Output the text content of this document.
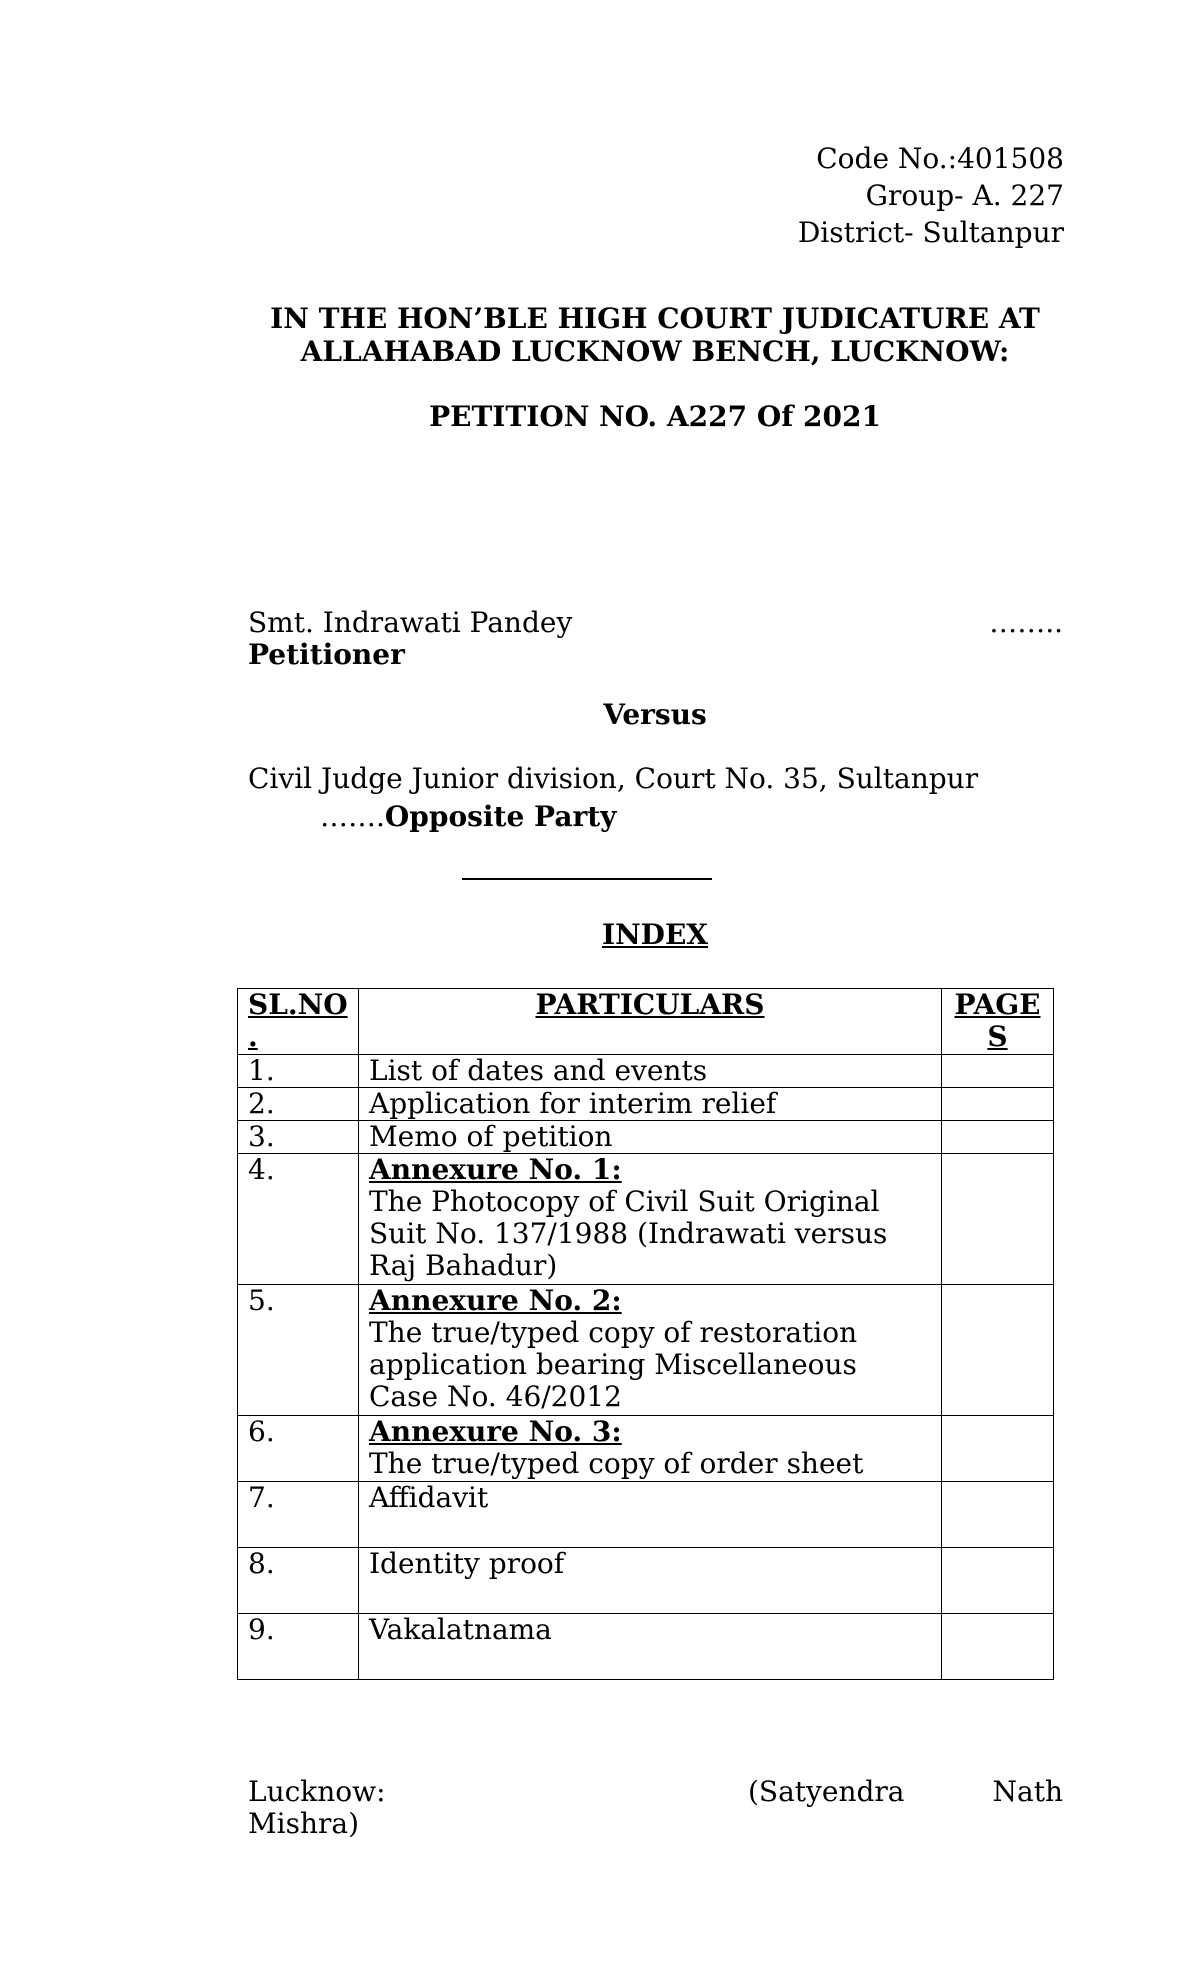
Code No.:401508
Group- A. 227
District- Sultanpur
IN THE HON’BLE HIGH COURT JUDICATURE AT
ALLAHABAD LUCKNOW BENCH, LUCKNOW:
PETITION NO. A227 Of 2021
Smt. Indrawati Pandey	……..
Petitioner
Versus
Civil Judge Junior division, Court No. 35, Sultanpur
…….Opposite Party
INDEX
SL.NO
.	PARTICULARS	PAGE
S
1.	List of dates and events	

2.	Application for interim relief	

3.	Memo of petition	

4.	Annexure No. 1:
The Photocopy of Civil Suit Original Suit No. 137/1988 (Indrawati versus Raj Bahadur)	

5.	Annexure No. 2:
The true/typed copy of restoration application bearing Miscellaneous Case No. 46/2012	

6.	Annexure No. 3:
The true/typed copy of order sheet	

7.	Affidavit	

8.	Identity proof	

9.	Vakalatnama	

Lucknow:	(Satyendra	Nath
Mishra)
